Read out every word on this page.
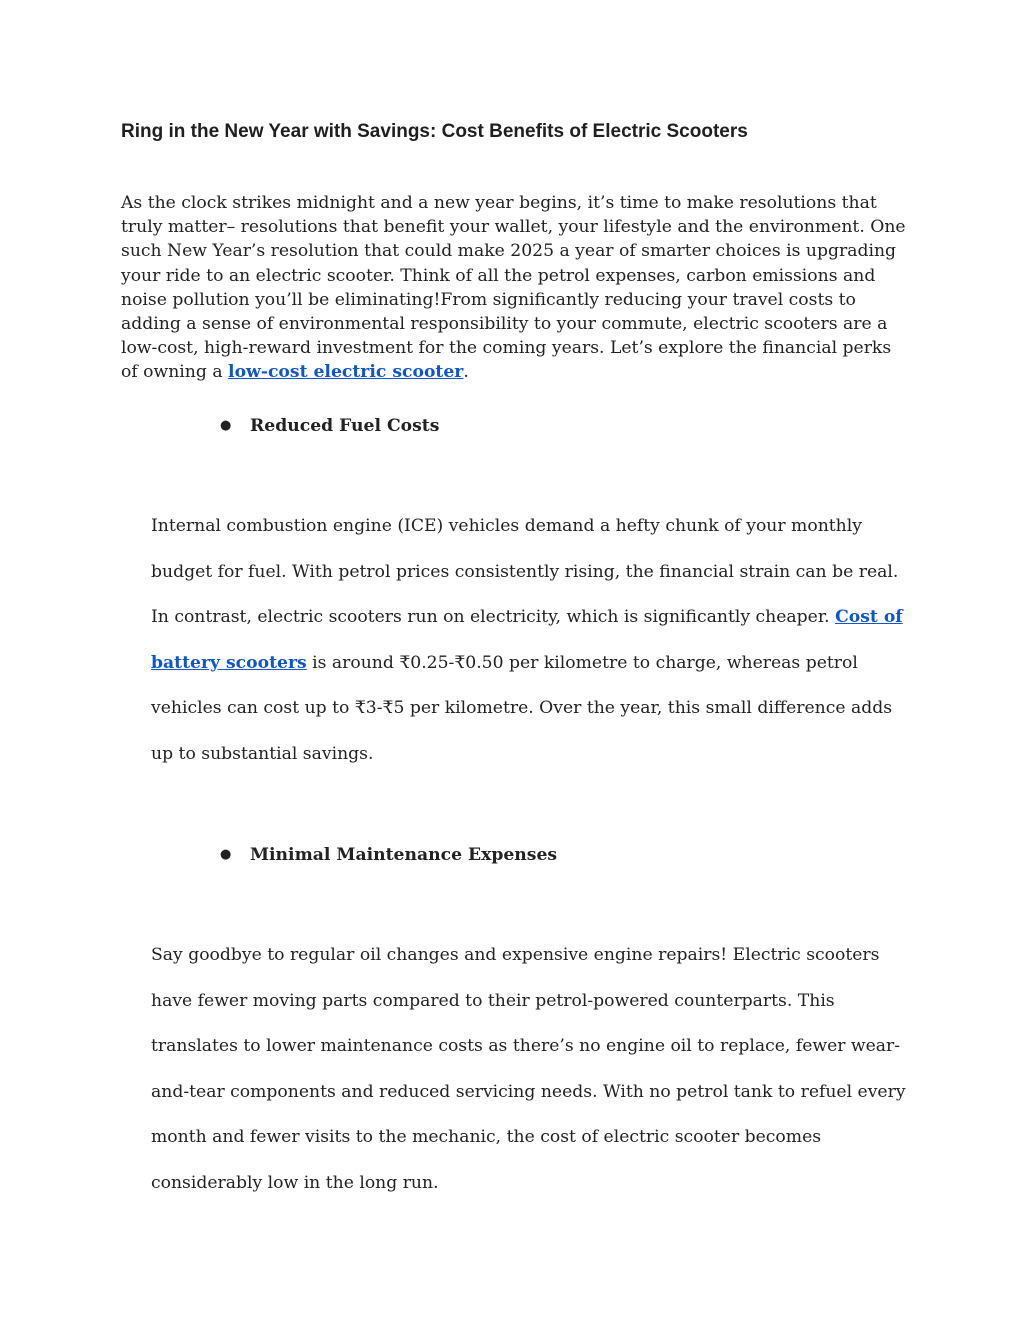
Ring in the New Year with Savings: Cost Benefits of Electric Scooters

As the clock strikes midnight and a new year begins, it’s time to make resolutions that truly matter– resolutions that benefit your wallet, your lifestyle and the environment. One such New Year’s resolution that could make 2025 a year of smarter choices is upgrading your ride to an electric scooter. Think of all the petrol expenses, carbon emissions and noise pollution you’ll be eliminating!From significantly reducing your travel costs to adding a sense of environmental responsibility to your commute, electric scooters are a low-cost, high-reward investment for the coming years. Let’s explore the financial perks of owning a low-cost electric scooter.

● Reduced Fuel Costs

Internal combustion engine (ICE) vehicles demand a hefty chunk of your monthly budget for fuel. With petrol prices consistently rising, the financial strain can be real. In contrast, electric scooters run on electricity, which is significantly cheaper. Cost of battery scooters is around ₹0.25-₹0.50 per kilometre to charge, whereas petrol vehicles can cost up to ₹3-₹5 per kilometre. Over the year, this small difference adds up to substantial savings.

● Minimal Maintenance Expenses

Say goodbye to regular oil changes and expensive engine repairs! Electric scooters have fewer moving parts compared to their petrol-powered counterparts. This translates to lower maintenance costs as there’s no engine oil to replace, fewer wear-and-tear components and reduced servicing needs. With no petrol tank to refuel every month and fewer visits to the mechanic, the cost of electric scooter becomes considerably low in the long run.
